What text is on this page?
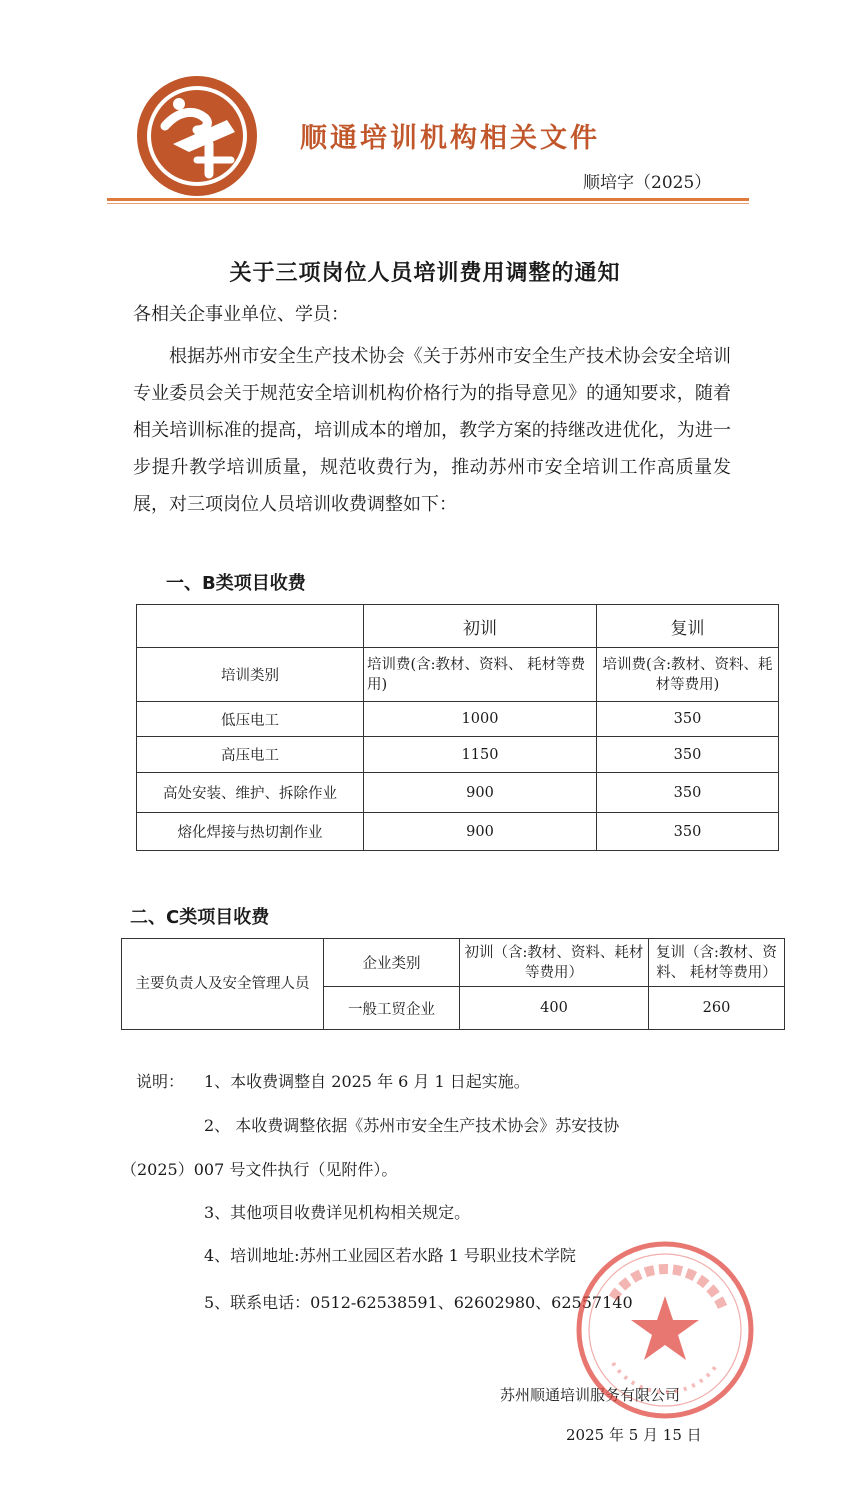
顺通培训机构相关文件
顺培字（2025）
关于三项岗位人员培训费用调整的通知
各相关企事业单位、学员：
根据苏州市安全生产技术协会《关于苏州市安全生产技术协会安全培训专业委员会关于规范安全培训机构价格行为的指导意见》的通知要求，随着相关培训标准的提高，培训成本的增加，教学方案的持继改进优化，为进一步提升教学培训质量，规范收费行为，推动苏州市安全培训工作高质量发展，对三项岗位人员培训收费调整如下：
一、B类项目收费
	初训	复训
培训类别	培训费(含:教材、资料、 耗材等费用)	培训费(含:教材、资料、耗材等费用)
低压电工	1000	350
高压电工	1150	350
高处安装、维护、拆除作业	900	350
熔化焊接与热切割作业	900	350
二、C类项目收费
主要负责人及安全管理人员	企业类别	初训（含:教材、资料、耗材等费用）	复训（含:教材、资料、 耗材等费用）
	一般工贸企业	400	260
说明： 1、本收费调整自 2025 年 6 月 1 日起实施。
2、 本收费调整依据《苏州市安全生产技术协会》苏安技协
（2025）007 号文件执行（见附件）。
3、其他项目收费详见机构相关规定。
4、培训地址:苏州工业园区若水路 1 号职业技术学院
5、联系电话：0512-62538591、62602980、62557140
苏州顺通培训服务有限公司
2025 年 5 月 15 日
